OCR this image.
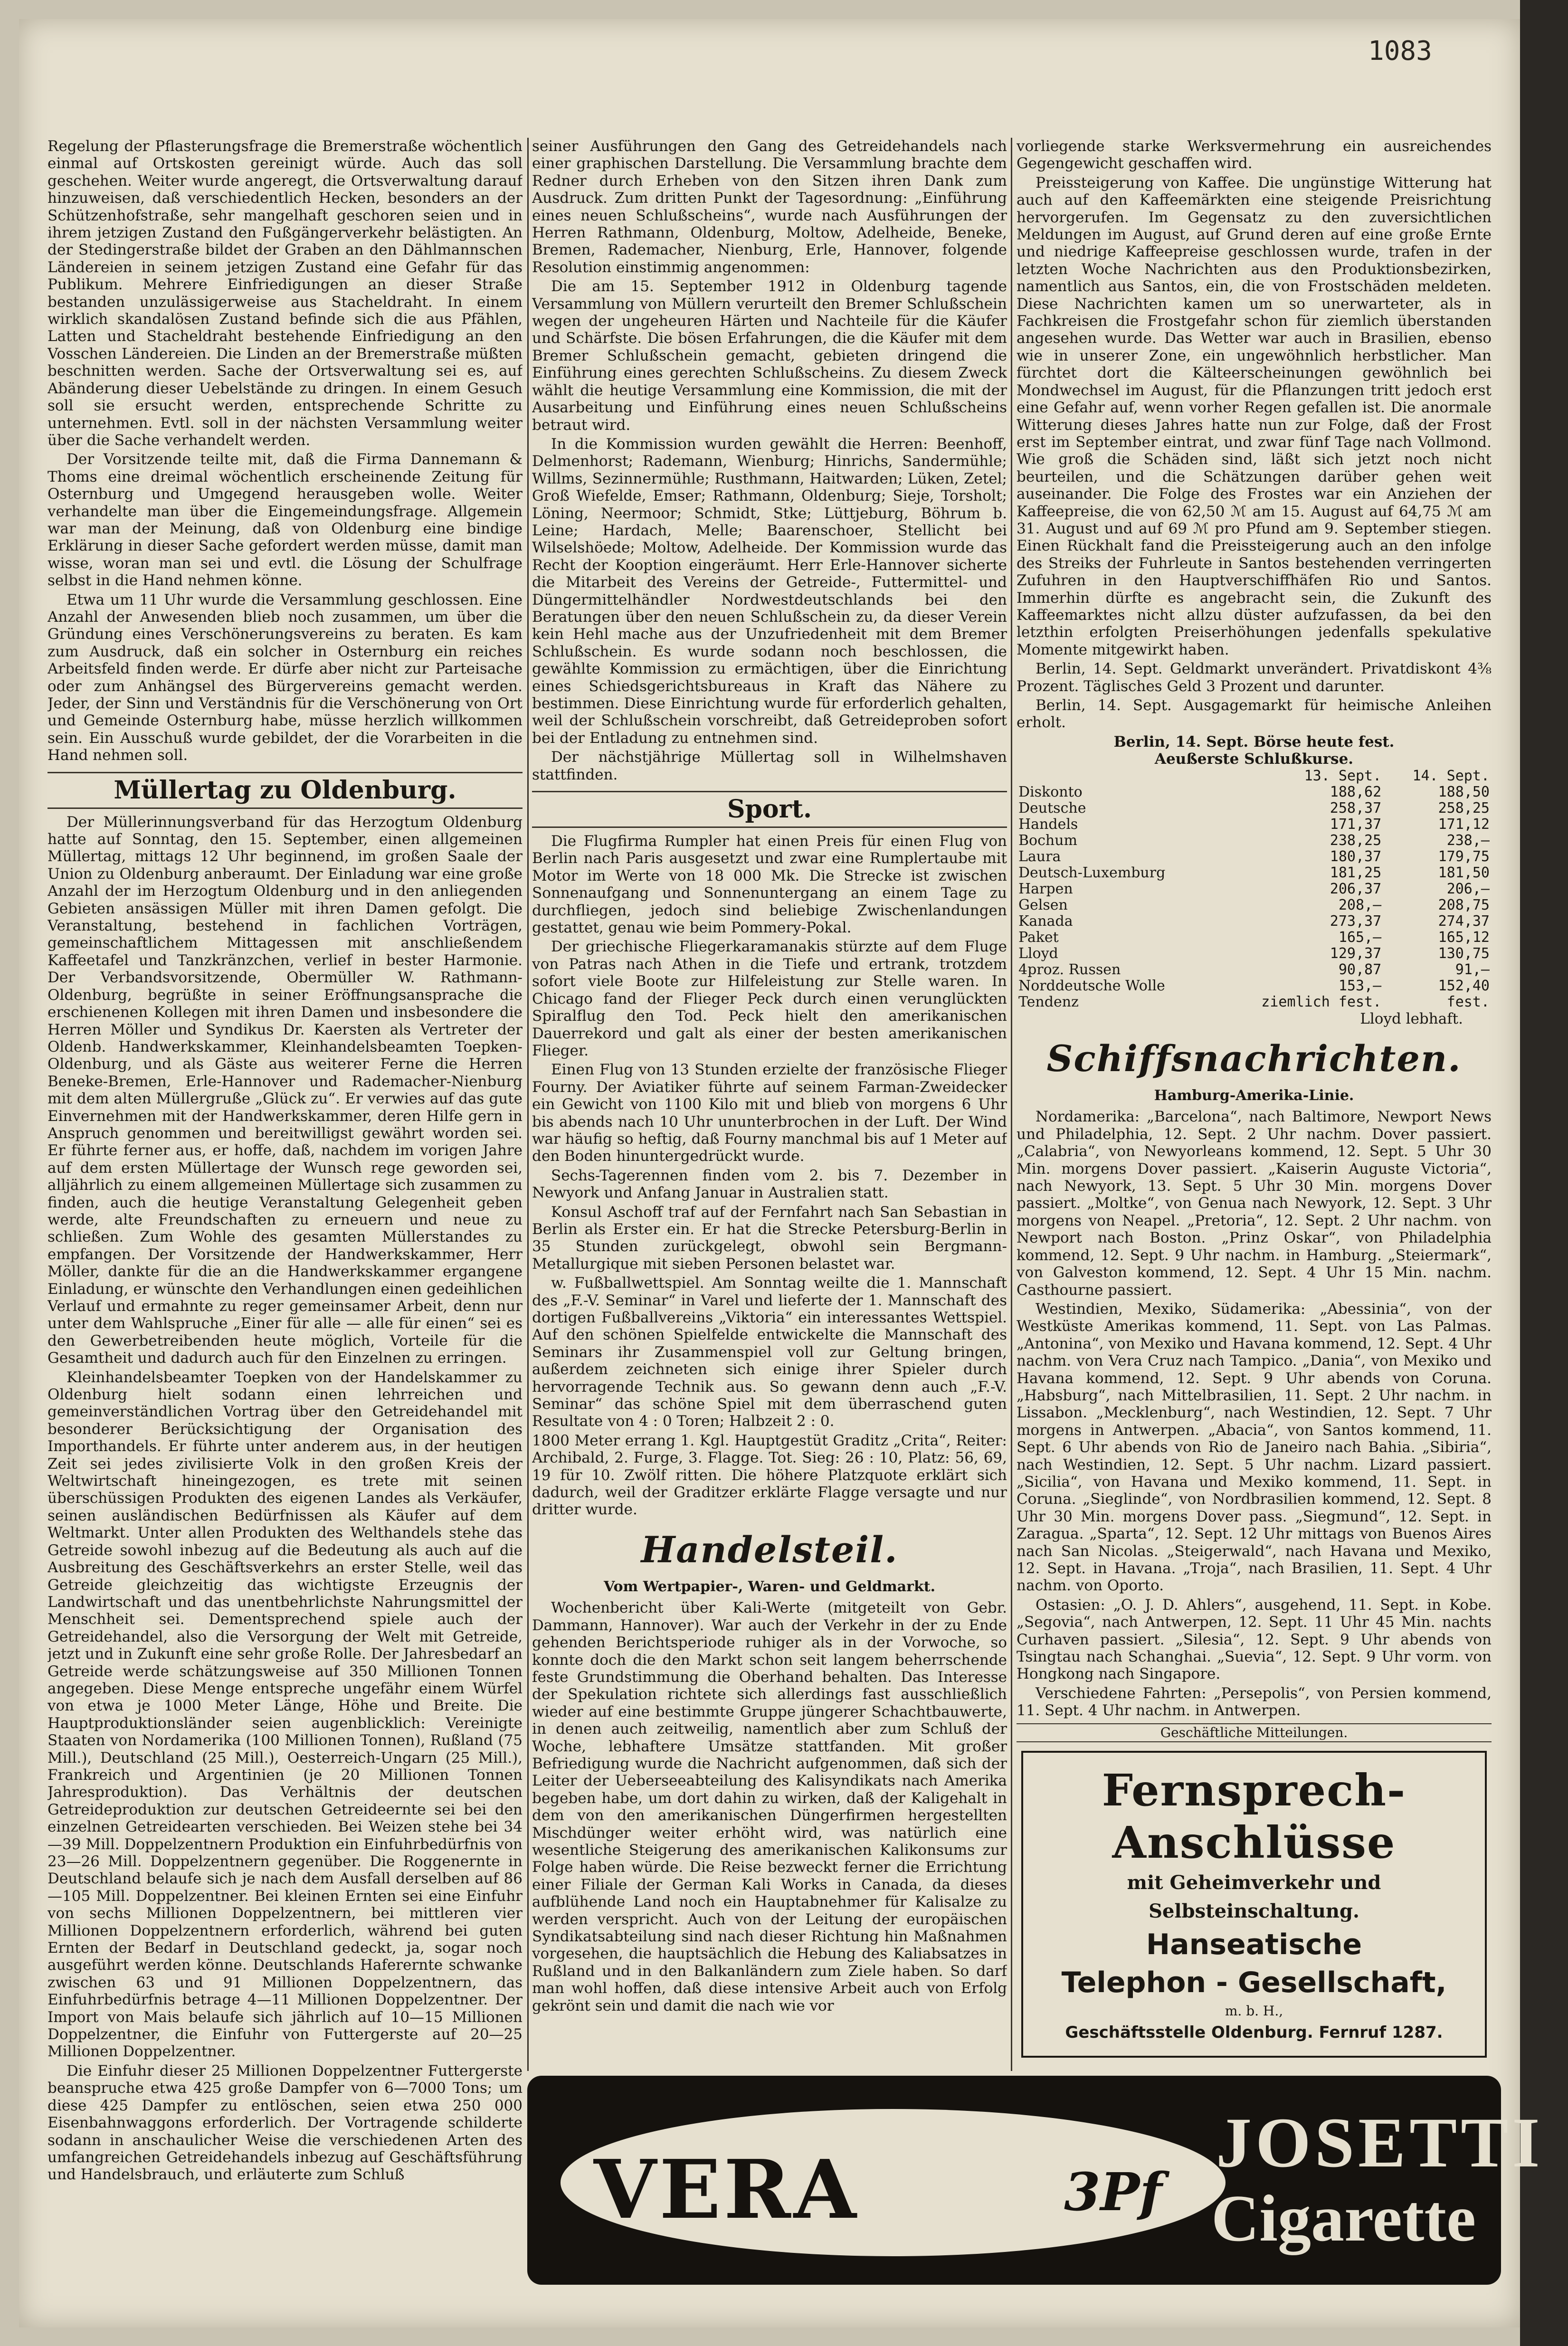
1083

Regelung der Pflasterungsfrage die Bremerstraße wöchentlich einmal auf Ortskosten gereinigt würde. Auch das soll geschehen. Weiter wurde angeregt, die Ortsverwaltung darauf hinzuweisen, daß verschiedentlich Hecken, besonders an der Schützenhofstraße, sehr mangelhaft geschoren seien und in ihrem jetzigen Zustand den Fußgängerverkehr belästigten. An der Stedingerstraße bildet der Graben an den Dählmannschen Ländereien in seinem jetzigen Zustand eine Gefahr für das Publikum. Mehrere Einfriedigungen an dieser Straße bestanden unzulässigerweise aus Stacheldraht. In einem wirklich skandalösen Zustand befinde sich die aus Pfählen, Latten und Stacheldraht bestehende Einfriedigung an den Vosschen Ländereien. Die Linden an der Bremerstraße müßten beschnitten werden. Sache der Ortsverwaltung sei es, auf Abänderung dieser Uebelstände zu dringen. In einem Gesuch soll sie ersucht werden, entsprechende Schritte zu unternehmen. Evtl. soll in der nächsten Versammlung weiter über die Sache verhandelt werden.

Der Vorsitzende teilte mit, daß die Firma Dannemann & Thoms eine dreimal wöchentlich erscheinende Zeitung für Osternburg und Umgegend herausgeben wolle. Weiter verhandelte man über die Eingemeindungsfrage. Allgemein war man der Meinung, daß von Oldenburg eine bindige Erklärung in dieser Sache gefordert werden müsse, damit man wisse, woran man sei und evtl. die Lösung der Schulfrage selbst in die Hand nehmen könne.

Etwa um 11 Uhr wurde die Versammlung geschlossen. Eine Anzahl der Anwesenden blieb noch zusammen, um über die Gründung eines Verschönerungsvereins zu beraten. Es kam zum Ausdruck, daß ein solcher in Osternburg ein reiches Arbeitsfeld finden werde. Er dürfe aber nicht zur Parteisache oder zum Anhängsel des Bürgervereins gemacht werden. Jeder, der Sinn und Verständnis für die Verschönerung von Ort und Gemeinde Osternburg habe, müsse herzlich willkommen sein. Ein Ausschuß wurde gebildet, der die Vorarbeiten in die Hand nehmen soll.

Müllertag zu Oldenburg.

Der Müllerinnungsverband für das Herzogtum Oldenburg hatte auf Sonntag, den 15. September, einen allgemeinen Müllertag, mittags 12 Uhr beginnend, im großen Saale der Union zu Oldenburg anberaumt. Der Einladung war eine große Anzahl der im Herzogtum Oldenburg und in den anliegenden Gebieten ansässigen Müller mit ihren Damen gefolgt. Die Veranstaltung, bestehend in fachlichen Vorträgen, gemeinschaftlichem Mittagessen mit anschließendem Kaffeetafel und Tanzkränzchen, verlief in bester Harmonie. Der Verbandsvorsitzende, Obermüller W. Rathmann-Oldenburg, begrüßte in seiner Eröffnungsansprache die erschienenen Kollegen mit ihren Damen und insbesondere die Herren Möller und Syndikus Dr. Kaersten als Vertreter der Oldenb. Handwerkskammer, Kleinhandelsbeamten Toepken-Oldenburg, und als Gäste aus weiterer Ferne die Herren Beneke-Bremen, Erle-Hannover und Rademacher-Nienburg mit dem alten Müllergruße „Glück zu“. Er verwies auf das gute Einvernehmen mit der Handwerkskammer, deren Hilfe gern in Anspruch genommen und bereitwilligst gewährt worden sei. Er führte ferner aus, er hoffe, daß, nachdem im vorigen Jahre auf dem ersten Müllertage der Wunsch rege geworden sei, alljährlich zu einem allgemeinen Müllertage sich zusammen zu finden, auch die heutige Veranstaltung Gelegenheit geben werde, alte Freundschaften zu erneuern und neue zu schließen. Zum Wohle des gesamten Müllerstandes zu empfangen. Der Vorsitzende der Handwerkskammer, Herr Möller, dankte für die an die Handwerkskammer ergangene Einladung, er wünschte den Verhandlungen einen gedeihlichen Verlauf und ermahnte zu reger gemeinsamer Arbeit, denn nur unter dem Wahlspruche „Einer für alle — alle für einen“ sei es den Gewerbetreibenden heute möglich, Vorteile für die Gesamtheit und dadurch auch für den Einzelnen zu erringen.

Kleinhandelsbeamter Toepken von der Handelskammer zu Oldenburg hielt sodann einen lehrreichen und gemeinverständlichen Vortrag über den Getreidehandel mit besonderer Berücksichtigung der Organisation des Importhandels. Er führte unter anderem aus, in der heutigen Zeit sei jedes zivilisierte Volk in den großen Kreis der Weltwirtschaft hineingezogen, es trete mit seinen überschüssigen Produkten des eigenen Landes als Verkäufer, seinen ausländischen Bedürfnissen als Käufer auf dem Weltmarkt. Unter allen Produkten des Welthandels stehe das Getreide sowohl inbezug auf die Bedeutung als auch auf die Ausbreitung des Geschäftsverkehrs an erster Stelle, weil das Getreide gleichzeitig das wichtigste Erzeugnis der Landwirtschaft und das unentbehrlichste Nahrungsmittel der Menschheit sei. Dementsprechend spiele auch der Getreidehandel, also die Versorgung der Welt mit Getreide, jetzt und in Zukunft eine sehr große Rolle. Der Jahresbedarf an Getreide werde schätzungsweise auf 350 Millionen Tonnen angegeben. Diese Menge entspreche ungefähr einem Würfel von etwa je 1000 Meter Länge, Höhe und Breite. Die Hauptproduktionsländer seien augenblicklich: Vereinigte Staaten von Nordamerika (100 Millionen Tonnen), Rußland (75 Mill.), Deutschland (25 Mill.), Oesterreich-Ungarn (25 Mill.), Frankreich und Argentinien (je 20 Millionen Tonnen Jahresproduktion). Das Verhältnis der deutschen Getreideproduktion zur deutschen Getreideernte sei bei den einzelnen Getreidearten verschieden. Bei Weizen stehe bei 34—39 Mill. Doppelzentnern Produktion ein Einfuhrbedürfnis von 23—26 Mill. Doppelzentnern gegenüber. Die Roggenernte in Deutschland belaufe sich je nach dem Ausfall derselben auf 86—105 Mill. Doppelzentner. Bei kleinen Ernten sei eine Einfuhr von sechs Millionen Doppelzentnern, bei mittleren vier Millionen Doppelzentnern erforderlich, während bei guten Ernten der Bedarf in Deutschland gedeckt, ja, sogar noch ausgeführt werden könne. Deutschlands Haferernte schwanke zwischen 63 und 91 Millionen Doppelzentnern, das Einfuhrbedürfnis betrage 4—11 Millionen Doppelzentner. Der Import von Mais belaufe sich jährlich auf 10—15 Millionen Doppelzentner, die Einfuhr von Futtergerste auf 20—25 Millionen Doppelzentner.

Die Einfuhr dieser 25 Millionen Doppelzentner Futtergerste beanspruche etwa 425 große Dampfer von 6—7000 Tons; um diese 425 Dampfer zu entlöschen, seien etwa 250 000 Eisenbahnwaggons erforderlich. Der Vortragende schilderte sodann in anschaulicher Weise die verschiedenen Arten des umfangreichen Getreidehandels inbezug auf Geschäftsführung und Handelsbrauch, und erläuterte zum Schluß

seiner Ausführungen den Gang des Getreidehandels nach einer graphischen Darstellung. Die Versammlung brachte dem Redner durch Erheben von den Sitzen ihren Dank zum Ausdruck. Zum dritten Punkt der Tagesordnung: „Einführung eines neuen Schlußscheins“, wurde nach Ausführungen der Herren Rathmann, Oldenburg, Moltow, Adelheide, Beneke, Bremen, Rademacher, Nienburg, Erle, Hannover, folgende Resolution einstimmig angenommen:

Die am 15. September 1912 in Oldenburg tagende Versammlung von Müllern verurteilt den Bremer Schlußschein wegen der ungeheuren Härten und Nachteile für die Käufer und Schärfste. Die bösen Erfahrungen, die die Käufer mit dem Bremer Schlußschein gemacht, gebieten dringend die Einführung eines gerechten Schlußscheins. Zu diesem Zweck wählt die heutige Versammlung eine Kommission, die mit der Ausarbeitung und Einführung eines neuen Schlußscheins betraut wird.

In die Kommission wurden gewählt die Herren: Beenhoff, Delmenhorst; Rademann, Wienburg; Hinrichs, Sandermühle; Willms, Sezinnermühle; Rusthmann, Haitwarden; Lüken, Zetel; Groß Wiefelde, Emser; Rathmann, Oldenburg; Sieje, Torsholt; Löning, Neermoor; Schmidt, Stke; Lüttjeburg, Böhrum b. Leine; Hardach, Melle; Baarenschoer, Stellicht bei Wilselshöede; Moltow, Adelheide. Der Kommission wurde das Recht der Kooption eingeräumt. Herr Erle-Hannover sicherte die Mitarbeit des Vereins der Getreide-, Futtermittel- und Düngermittelhändler Nordwestdeutschlands bei den Beratungen über den neuen Schlußschein zu, da dieser Verein kein Hehl mache aus der Unzufriedenheit mit dem Bremer Schlußschein. Es wurde sodann noch beschlossen, die gewählte Kommission zu ermächtigen, über die Einrichtung eines Schiedsgerichtsbureaus in Kraft das Nähere zu bestimmen. Diese Einrichtung wurde für erforderlich gehalten, weil der Schlußschein vorschreibt, daß Getreideproben sofort bei der Entladung zu entnehmen sind.

Der nächstjährige Müllertag soll in Wilhelmshaven stattfinden.

Sport.

Die Flugfirma Rumpler hat einen Preis für einen Flug von Berlin nach Paris ausgesetzt und zwar eine Rumplertaube mit Motor im Werte von 18 000 Mk. Die Strecke ist zwischen Sonnenaufgang und Sonnenuntergang an einem Tage zu durchfliegen, jedoch sind beliebige Zwischenlandungen gestattet, genau wie beim Pommery-Pokal.

Der griechische Fliegerkaramanakis stürzte auf dem Fluge von Patras nach Athen in die Tiefe und ertrank, trotzdem sofort viele Boote zur Hilfeleistung zur Stelle waren. In Chicago fand der Flieger Peck durch einen verunglückten Spiralflug den Tod. Peck hielt den amerikanischen Dauerrekord und galt als einer der besten amerikanischen Flieger.

Einen Flug von 13 Stunden erzielte der französische Flieger Fourny. Der Aviatiker führte auf seinem Farman-Zweidecker ein Gewicht von 1100 Kilo mit und blieb von morgens 6 Uhr bis abends nach 10 Uhr ununterbrochen in der Luft. Der Wind war häufig so heftig, daß Fourny manchmal bis auf 1 Meter auf den Boden hinuntergedrückt wurde.

Sechs-Tagerennen finden vom 2. bis 7. Dezember in Newyork und Anfang Januar in Australien statt.

Konsul Aschoff traf auf der Fernfahrt nach San Sebastian in Berlin als Erster ein. Er hat die Strecke Petersburg-Berlin in 35 Stunden zurückgelegt, obwohl sein Bergmann-Metallurgique mit sieben Personen belastet war.

w. Fußballwettspiel. Am Sonntag weilte die 1. Mannschaft des „F.-V. Seminar“ in Varel und lieferte der 1. Mannschaft des dortigen Fußballvereins „Viktoria“ ein interessantes Wettspiel. Auf den schönen Spielfelde entwickelte die Mannschaft des Seminars ihr Zusammenspiel voll zur Geltung bringen, außerdem zeichneten sich einige ihrer Spieler durch hervorragende Technik aus. So gewann denn auch „F.-V. Seminar“ das schöne Spiel mit dem überraschend guten Resultate von 4 : 0 Toren; Halbzeit 2 : 0.

1800 Meter errang 1. Kgl. Hauptgestüt Graditz „Crita“, Reiter: Archibald, 2. Furge, 3. Flagge. Tot. Sieg: 26 : 10, Platz: 56, 69, 19 für 10. Zwölf ritten. Die höhere Platzquote erklärt sich dadurch, weil der Graditzer erklärte Flagge versagte und nur dritter wurde.

Handelsteil.
Vom Wertpapier-, Waren- und Geldmarkt.

Wochenbericht über Kali-Werte (mitgeteilt von Gebr. Dammann, Hannover). War auch der Verkehr in der zu Ende gehenden Berichtsperiode ruhiger als in der Vorwoche, so konnte doch die den Markt schon seit langem beherrschende feste Grundstimmung die Oberhand behalten. Das Interesse der Spekulation richtete sich allerdings fast ausschließlich wieder auf eine bestimmte Gruppe jüngerer Schachtbauwerte, in denen auch zeitweilig, namentlich aber zum Schluß der Woche, lebhaftere Umsätze stattfanden. Mit großer Befriedigung wurde die Nachricht aufgenommen, daß sich der Leiter der Ueberseeabteilung des Kalisyndikats nach Amerika begeben habe, um dort dahin zu wirken, daß der Kaligehalt in dem von den amerikanischen Düngerfirmen hergestellten Mischdünger weiter erhöht wird, was natürlich eine wesentliche Steigerung des amerikanischen Kalikonsums zur Folge haben würde. Die Reise bezweckt ferner die Errichtung einer Filiale der German Kali Works in Canada, da dieses aufblühende Land noch ein Hauptabnehmer für Kalisalze zu werden verspricht. Auch von der Leitung der europäischen Syndikatsabteilung sind nach dieser Richtung hin Maßnahmen vorgesehen, die hauptsächlich die Hebung des Kaliabsatzes in Rußland und in den Balkanländern zum Ziele haben. So darf man wohl hoffen, daß diese intensive Arbeit auch von Erfolg gekrönt sein und damit die nach wie vor

vorliegende starke Werksvermehrung ein ausreichendes Gegengewicht geschaffen wird.

Preissteigerung von Kaffee. Die ungünstige Witterung hat auch auf den Kaffeemärkten eine steigende Preisrichtung hervorgerufen. Im Gegensatz zu den zuversichtlichen Meldungen im August, auf Grund deren auf eine große Ernte und niedrige Kaffeepreise geschlossen wurde, trafen in der letzten Woche Nachrichten aus den Produktionsbezirken, namentlich aus Santos, ein, die von Frostschäden meldeten. Diese Nachrichten kamen um so unerwarteter, als in Fachkreisen die Frostgefahr schon für ziemlich überstanden angesehen wurde. Das Wetter war auch in Brasilien, ebenso wie in unserer Zone, ein ungewöhnlich herbstlicher. Man fürchtet dort die Kälteerscheinungen gewöhnlich bei Mondwechsel im August, für die Pflanzungen tritt jedoch erst eine Gefahr auf, wenn vorher Regen gefallen ist. Die anormale Witterung dieses Jahres hatte nun zur Folge, daß der Frost erst im September eintrat, und zwar fünf Tage nach Vollmond. Wie groß die Schäden sind, läßt sich jetzt noch nicht beurteilen, und die Schätzungen darüber gehen weit auseinander. Die Folge des Frostes war ein Anziehen der Kaffeepreise, die von 62,50 ℳ am 15. August auf 64,75 ℳ am 31. August und auf 69 ℳ pro Pfund am 9. September stiegen. Einen Rückhalt fand die Preissteigerung auch an den infolge des Streiks der Fuhrleute in Santos bestehenden verringerten Zufuhren in den Hauptverschiffhäfen Rio und Santos. Immerhin dürfte es angebracht sein, die Zukunft des Kaffeemarktes nicht allzu düster aufzufassen, da bei den letzthin erfolgten Preiserhöhungen jedenfalls spekulative Momente mitgewirkt haben.

Berlin, 14. Sept. Geldmarkt unverändert. Privatdiskont 4⅜ Prozent. Täglisches Geld 3 Prozent und darunter.

Berlin, 14. Sept. Ausgagemarkt für heimische Anleihen erholt.

Berlin, 14. Sept. Börse heute fest.
Aeußerste Schlußkurse.
	13. Sept.	14. Sept.
Diskonto	188,62	188,50
Deutsche	258,37	258,25
Handels	171,37	171,12
Bochum	238,25	238,—
Laura	180,37	179,75
Deutsch-Luxemburg	181,25	181,50
Harpen	206,37	206,—
Gelsen	208,—	208,75
Kanada	273,37	274,37
Paket	165,—	165,12
Lloyd	129,37	130,75
4proz. Russen	90,87	91,—
Norddeutsche Wolle	153,—	152,40
Tendenz	ziemlich fest.	fest.
Lloyd lebhaft.
Schiffsnachrichten.
Hamburg-Amerika-Linie.

Nordamerika: „Barcelona“, nach Baltimore, Newport News und Philadelphia, 12. Sept. 2 Uhr nachm. Dover passiert. „Calabria“, von Newyorleans kommend, 12. Sept. 5 Uhr 30 Min. morgens Dover passiert. „Kaiserin Auguste Victoria“, nach Newyork, 13. Sept. 5 Uhr 30 Min. morgens Dover passiert. „Moltke“, von Genua nach Newyork, 12. Sept. 3 Uhr morgens von Neapel. „Pretoria“, 12. Sept. 2 Uhr nachm. von Newport nach Boston. „Prinz Oskar“, von Philadelphia kommend, 12. Sept. 9 Uhr nachm. in Hamburg. „Steiermark“, von Galveston kommend, 12. Sept. 4 Uhr 15 Min. nachm. Casthourne passiert.

Westindien, Mexiko, Südamerika: „Abessinia“, von der Westküste Amerikas kommend, 11. Sept. von Las Palmas. „Antonina“, von Mexiko und Havana kommend, 12. Sept. 4 Uhr nachm. von Vera Cruz nach Tampico. „Dania“, von Mexiko und Havana kommend, 12. Sept. 9 Uhr abends von Coruna. „Habsburg“, nach Mittelbrasilien, 11. Sept. 2 Uhr nachm. in Lissabon. „Mecklenburg“, nach Westindien, 12. Sept. 7 Uhr morgens in Antwerpen. „Abacia“, von Santos kommend, 11. Sept. 6 Uhr abends von Rio de Janeiro nach Bahia. „Sibiria“, nach Westindien, 12. Sept. 5 Uhr nachm. Lizard passiert. „Sicilia“, von Havana und Mexiko kommend, 11. Sept. in Coruna. „Sieglinde“, von Nordbrasilien kommend, 12. Sept. 8 Uhr 30 Min. morgens Dover pass. „Siegmund“, 12. Sept. in Zaragua. „Sparta“, 12. Sept. 12 Uhr mittags von Buenos Aires nach San Nicolas. „Steigerwald“, nach Havana und Mexiko, 12. Sept. in Havana. „Troja“, nach Brasilien, 11. Sept. 4 Uhr nachm. von Oporto.

Ostasien: „O. J. D. Ahlers“, ausgehend, 11. Sept. in Kobe. „Segovia“, nach Antwerpen, 12. Sept. 11 Uhr 45 Min. nachts Curhaven passiert. „Silesia“, 12. Sept. 9 Uhr abends von Tsingtau nach Schanghai. „Suevia“, 12. Sept. 9 Uhr vorm. von Hongkong nach Singapore.

Verschiedene Fahrten: „Persepolis“, von Persien kommend, 11. Sept. 4 Uhr nachm. in Antwerpen.

Geschäftliche Mitteilungen.
Fernsprech-Anschlüsse
mit Geheimverkehr und Selbsteinschaltung.
Hanseatische
Telephon - Gesellschaft,
m. b. H.,
Geschäftsstelle Oldenburg. Fernruf 1287.
VERA	3Pf
JOSETTI
Cigarette
